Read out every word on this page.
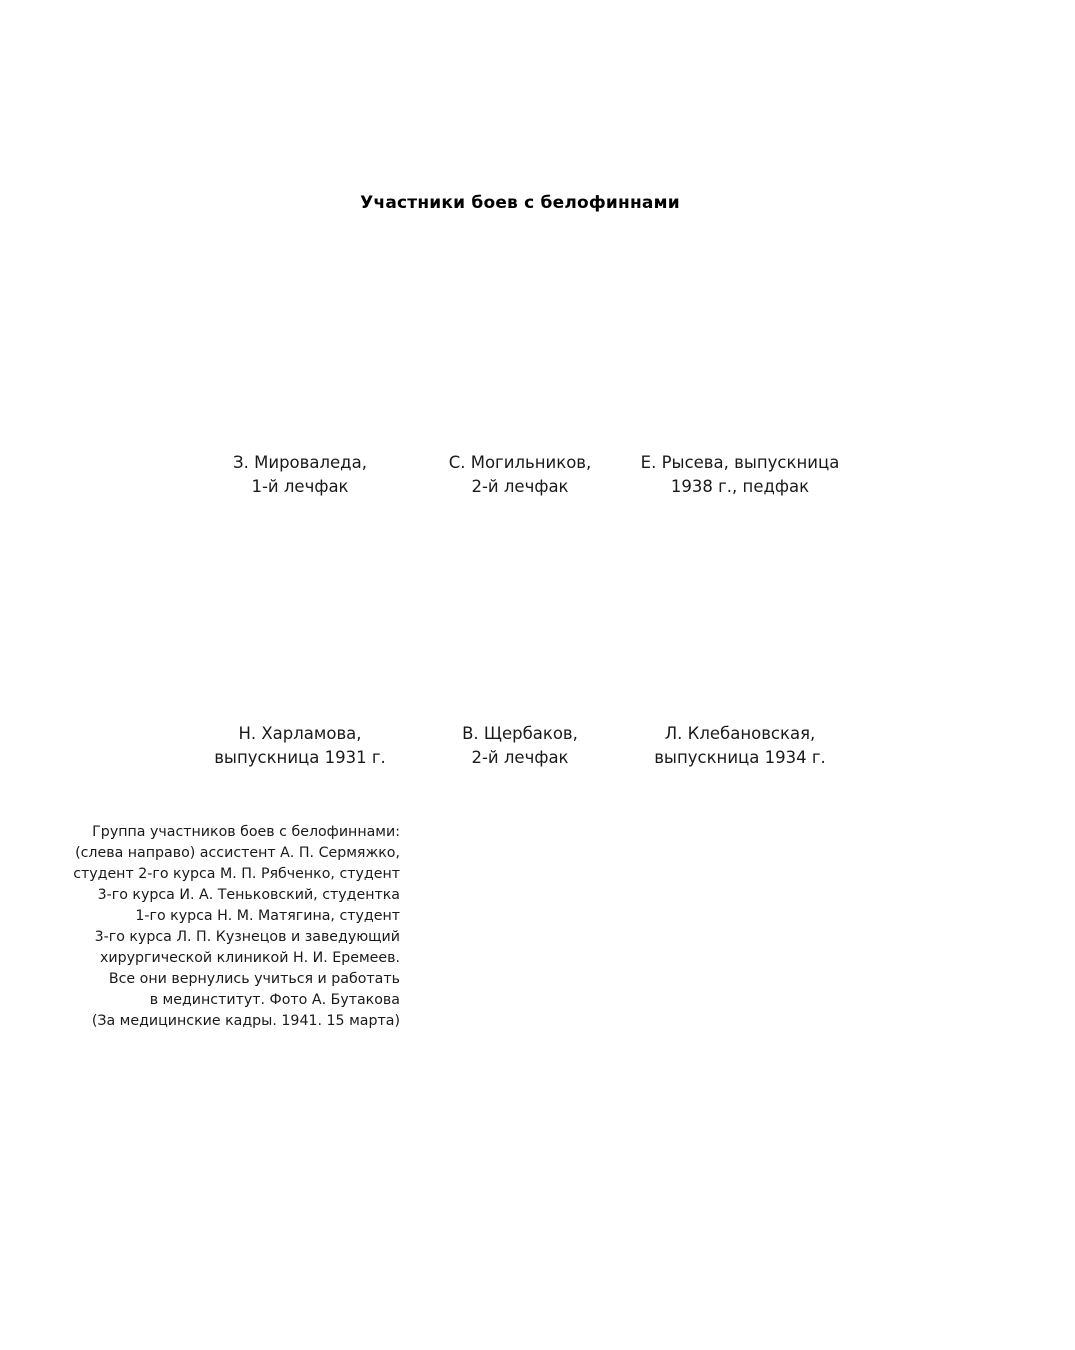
Участники боев с белофиннами
З. Мироваледа,
1-й лечфак
С. Могильников,
2-й лечфак
Е. Рысева, выпускница
1938 г., педфак
Н. Харламова,
выпускница 1931 г.
В. Щербаков,
2-й лечфак
Л. Клебановская,
выпускница 1934 г.
Группа участников боев с белофиннами:
(слева направо) ассистент А. П. Сермяжко,
студент 2-го курса М. П. Рябченко, студент
3-го курса И. А. Теньковский, студентка
1-го курса Н. М. Матягина, студент
3-го курса Л. П. Кузнецов и заведующий
хирургической клиникой Н. И. Еремеев.
Все они вернулись учиться и работать
в мединститут. Фото А. Бутакова
(За медицинские кадры. 1941. 15 марта)
